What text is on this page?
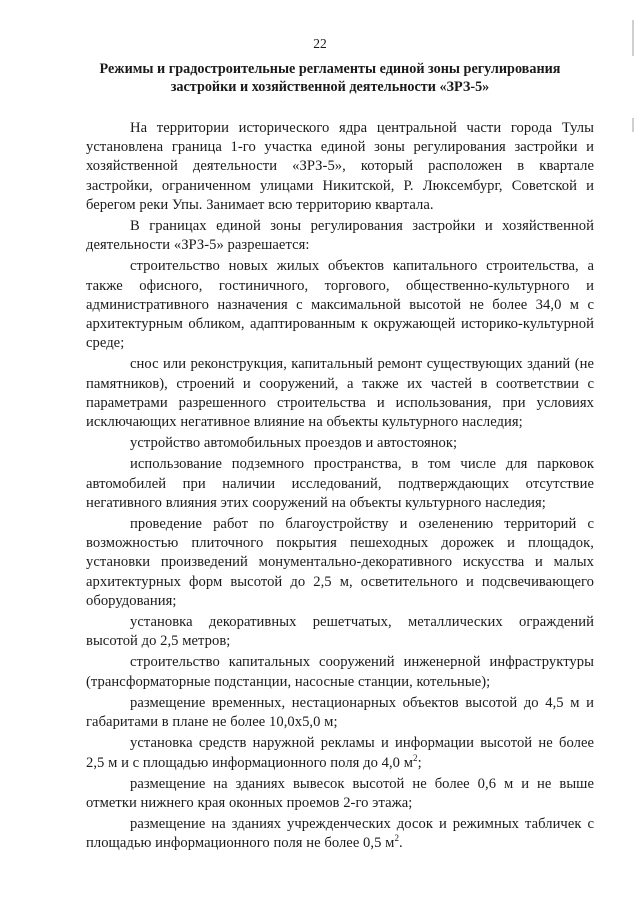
22
Режимы и градостроительные регламенты единой зоны регулирования
застройки и хозяйственной деятельности «ЗРЗ-5»

На территории исторического ядра центральной части города Тулы установлена граница 1-го участка единой зоны регулирования застройки и хозяйственной деятельности «ЗРЗ-5», который расположен в квартале застройки, ограниченном улицами Никитской, Р. Люксембург, Советской и берегом реки Упы. Занимает всю территорию квартала.

В границах единой зоны регулирования застройки и хозяйственной деятельности «ЗРЗ-5» разрешается:

строительство новых жилых объектов капитального строительства, а также офисного, гостиничного, торгового, общественно-культурного и административного назначения с максимальной высотой не более 34,0 м с архитектурным обликом, адаптированным к окружающей историко-культурной среде;

снос или реконструкция, капитальный ремонт существующих зданий (не памятников), строений и сооружений, а также их частей в соответствии с параметрами разрешенного строительства и использования, при условиях исключающих негативное влияние на объекты культурного наследия;

устройство автомобильных проездов и автостоянок;

использование подземного пространства, в том числе для парковок автомобилей при наличии исследований, подтверждающих отсутствие негативного влияния этих сооружений на объекты культурного наследия;

проведение работ по благоустройству и озеленению территорий с возможностью плиточного покрытия пешеходных дорожек и площадок, установки произведений монументально-декоративного искусства и малых архитектурных форм высотой до 2,5 м, осветительного и подсвечивающего оборудования;

установка декоративных решетчатых, металлических ограждений высотой до 2,5 метров;

строительство капитальных сооружений инженерной инфраструктуры (трансформаторные подстанции, насосные станции, котельные);

размещение временных, нестационарных объектов высотой до 4,5 м и габаритами в плане не более 10,0х5,0 м;

установка средств наружной рекламы и информации высотой не более 2,5 м и с площадью информационного поля до 4,0 $м^2$;

размещение на зданиях вывесок высотой не более 0,6 м и не выше отметки нижнего края оконных проемов 2-го этажа;

размещение на зданиях учрежденческих досок и режимных табличек с площадью информационного поля не более 0,5 $м^2$.
